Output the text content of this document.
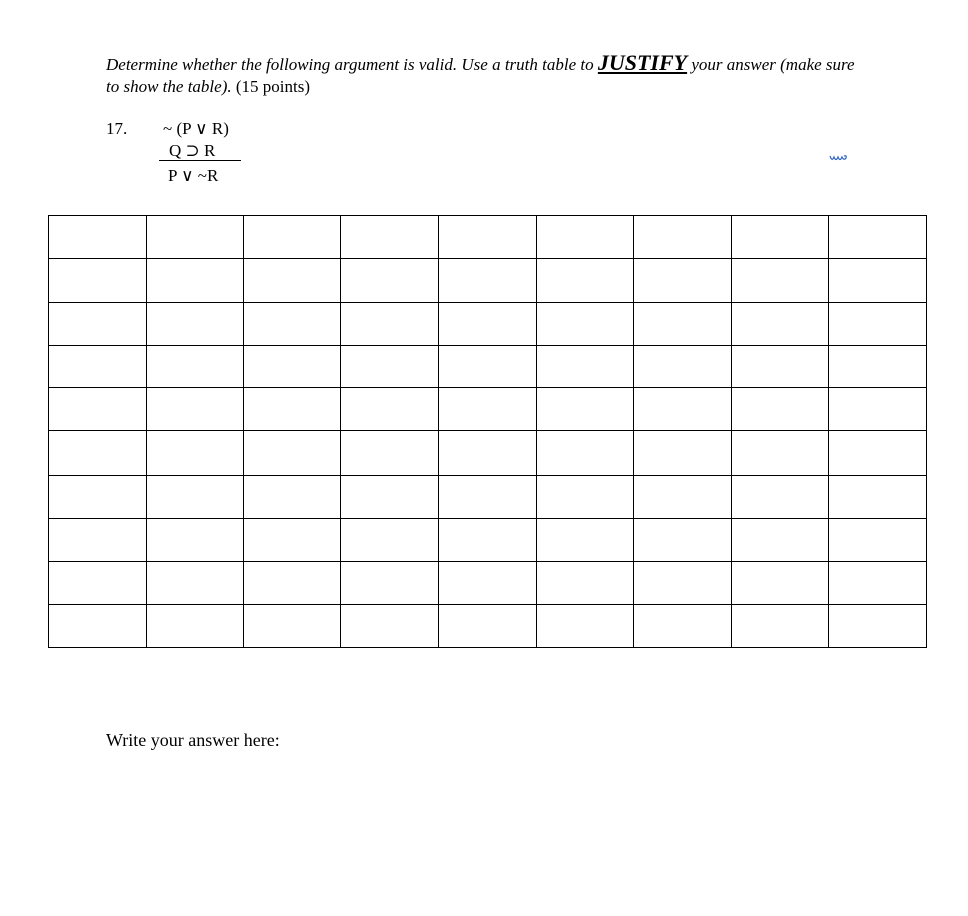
Determine whether the following argument is valid. Use a truth table to JUSTIFY your answer (make sure to show the table). (15 points)
17. ~ (P ∨ R)
Q ⊃ R
P ∨ ~R

Write your answer here:
